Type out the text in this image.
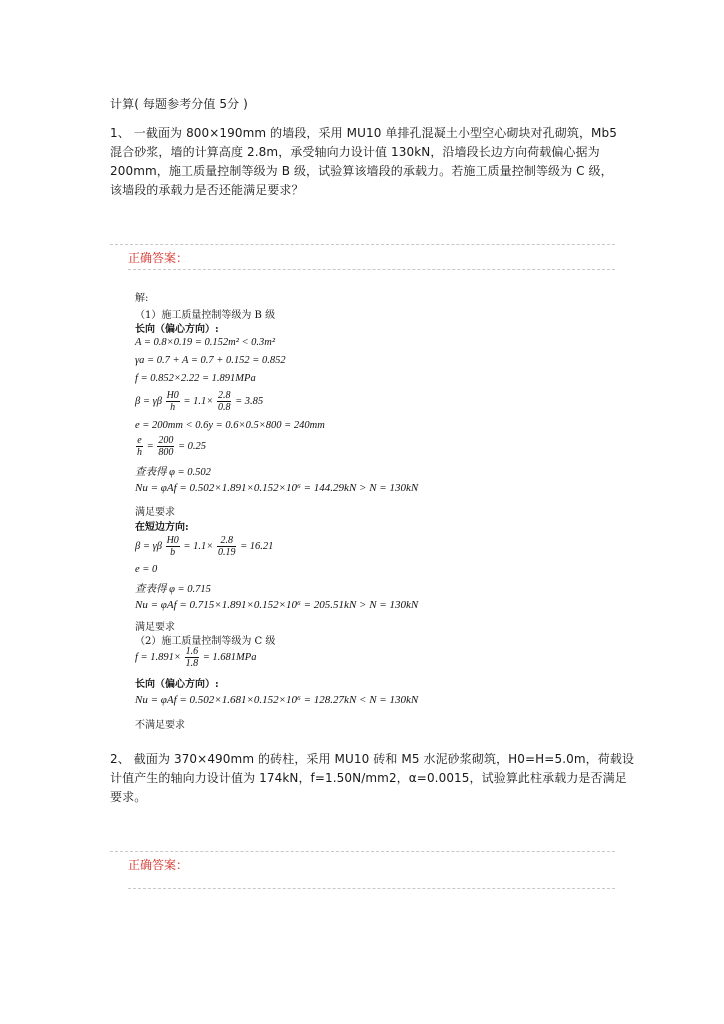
计算( 每题参考分值 5分 )
1、 一截面为 800×190mm 的墙段，采用 MU10 单排孔混凝土小型空心砌块对孔砌筑，Mb5
混合砂浆，墙的计算高度 2.8m，承受轴向力设计值 130kN，沿墙段长边方向荷载偏心据为
200mm，施工质量控制等级为 B 级，试验算该墙段的承载力。若施工质量控制等级为 C 级，
该墙段的承载力是否还能满足要求？
正确答案：
解:
（1）施工质量控制等级为 B 级
长向（偏心方向）:
A = 0.8×0.19 = 0.152m² < 0.3m²
γa = 0.7 + A = 0.7 + 0.152 = 0.852
f = 0.852×2.22 = 1.891MPa
β = γβ $\frac{H0}{h} = 1.1\times \frac{2.8}{0.8} = 3.85$
e = 200mm < 0.6y = 0.6×0.5×800 = 240mm
$\frac{e}{h} = \frac{200}{800} = 0.25$
查表得 φ = 0.502
Nu = φAf = 0.502×1.891×0.152×10⁶ = 144.29kN > N = 130kN
满足要求
在短边方向:
β = γβ $\frac{H0}{b} = 1.1\times \frac{2.8}{0.19} = 16.21$
e = 0
查表得 φ = 0.715
Nu = φAf = 0.715×1.891×0.152×10⁶ = 205.51kN > N = 130kN
满足要求
（2）施工质量控制等级为 C 级
$f = 1.891\times \frac{1.6}{1.8} = 1.681MPa$
长向（偏心方向）:
Nu = φAf = 0.502×1.681×0.152×10⁶ = 128.27kN < N = 130kN
不满足要求
2、 截面为 370×490mm 的砖柱，采用 MU10 砖和 M5 水泥砂浆砌筑，H0=H=5.0m，荷载设
计值产生的轴向力设计值为 174kN，f=1.50N/mm2，α=0.0015，试验算此柱承载力是否满足
要求。
正确答案：
